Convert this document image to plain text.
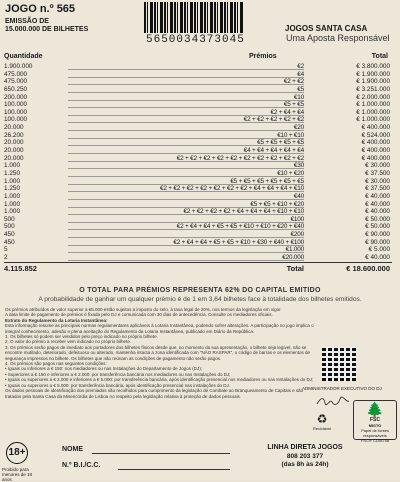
JOGO n.º 565
EMISSÃO DE
15.000.000 DE BILHETES
5650034373045
JOGOS SANTA CASA
Uma Aposta Responsável
Quantidade	Prémios	Total
1.900.000	€2	€ 3.800.000
475.000	€4	€ 1.900.000
475.000	€2 + €2	€ 1.900.000
650.250	€5	€ 3.251.000
200.000	€10	€ 2.000.000
100.000	€5 + €5	€ 1.000.000
100.000	€2 + €4 + €4	€ 1.000.000
100.000	€2 + €2 + €2 + €2 + €2	€ 1.000.000
20.000	€20	€ 400.000
26.200	€10 + €10	€ 524.000
20.000	€5 + €5 + €5 + €5	€ 400.000
20.000	€4 + €4 + €4 + €4 + €4	€ 400.000
20.000	€2 + €2 + €2 + €2 + €2 + €2 + €2 + €2 + €2 + €2	€ 400.000
1.000	€30	€ 30.000
1.250	€10 + €20	€ 37.500
1.000	€5 + €5 + €5 + €5 + €5 + €5	€ 30.000
1.250	€2 + €2 + €2 + €2 + €2 + €2 + €2 + €4 + €4 + €4 + €10	€ 37.500
1.000	€40	€ 40.000
1.000	€5 + €5 + €10 + €20	€ 40.000
1.000	€2 + €2 + €2 + €2 + €4 + €4 + €4 + €10 + €10	€ 40.000
500	€100	€ 50.000
500	€2 + €4 + €4 + €5 + €5 + €10 + €10 + €20 + €40	€ 50.000
450	€200	€ 90.000
450	€2 + €4 + €4 + €5 + €5 + €10 + €30 + €40 + €100	€ 90.000
5	€1.000	€ 5.000
2	€20.000	€ 40.000
4.115.852	Total	€ 18.600.000
O TOTAL PARA PRÉMIOS REPRESENTA 62% DO CAPITAL EMITIDO
A probabilidade de ganhar um qualquer prémio é de 1 em 3,64 bilhetes face à totalidade dos bilhetes emitidos.

Os prémios atribuídos de valor superior a €5.000 estão sujeitos a imposto do selo, à taxa legal de 20%, nos termos da legislação em vigor.

A data limite de pagamento de prémios é fixada pelo DJ e comunicada com 30 dias de antecedência. Consulte os mediadores oficiais.

Extrato do Regulamento da Lotaria Instantânea:

Esta informação resume as principais normas regulamentares aplicáveis à Lotaria Instantânea, podendo sofrer alterações. A participação no jogo implica o integral conhecimento, adesão e plena aceitação do Regulamento da Lotaria Instantânea, publicado em Diário da República.

1. Os bilhetes só podem ser vendidos pelo preço indicado no próprio bilhete.

2. O valor do prémio a receber vem indicado no próprio bilhete.

3. Os prémios serão pagos de imediato aos portadores dos bilhetes físicos desde que, no momento da sua apresentação, o bilhete seja legível, não se encontre mutilado, deteriorado, defeituoso ou alterado, mantenha intacta a zona identificada com "NÃO RASPAR", o código de barras e os elementos de segurança impressos no bilhete. Os bilhetes que não reúnam as condições de pagamento não serão pagos.

4. Os prémios são pagos nas seguintes condições:

• Iguais ou inferiores a € 150: nos mediadores ou nas Instalações do Departamento de Jogos (DJ);

• Superiores a € 150 e inferiores a € 2.000: por transferência bancária nos mediadores ou nas Instalações do DJ;

• Iguais ou superiores a € 2.000 e inferiores a € 5.000: por transferência bancária, após identificação presencial nos mediadores ou nas Instalações do DJ;

• Iguais ou superiores a € 5.000: por transferência bancária, após identificação presencial nas instalações do DJ.

Os dados pessoais de identificação dos premiados são recolhidos para cumprimento da legislação de Combate ao Branqueamento de Capitais e são tratados pela Santa Casa da Misericórdia de Lisboa no respeito pela legislação relativa à proteção de dados pessoais.

ADMINISTRADOR EXECUTIVO DO DJ
♻
Reciclável
🌲
FSC
MISTO
Papel de fontes responsáveis
FSC® C108708
18+
Proibido para menores de 18 anos
NOME
N.º B.I./C.C.
LINHA DIRETA JOGOS
808 203 377
(das 8h às 24h)
